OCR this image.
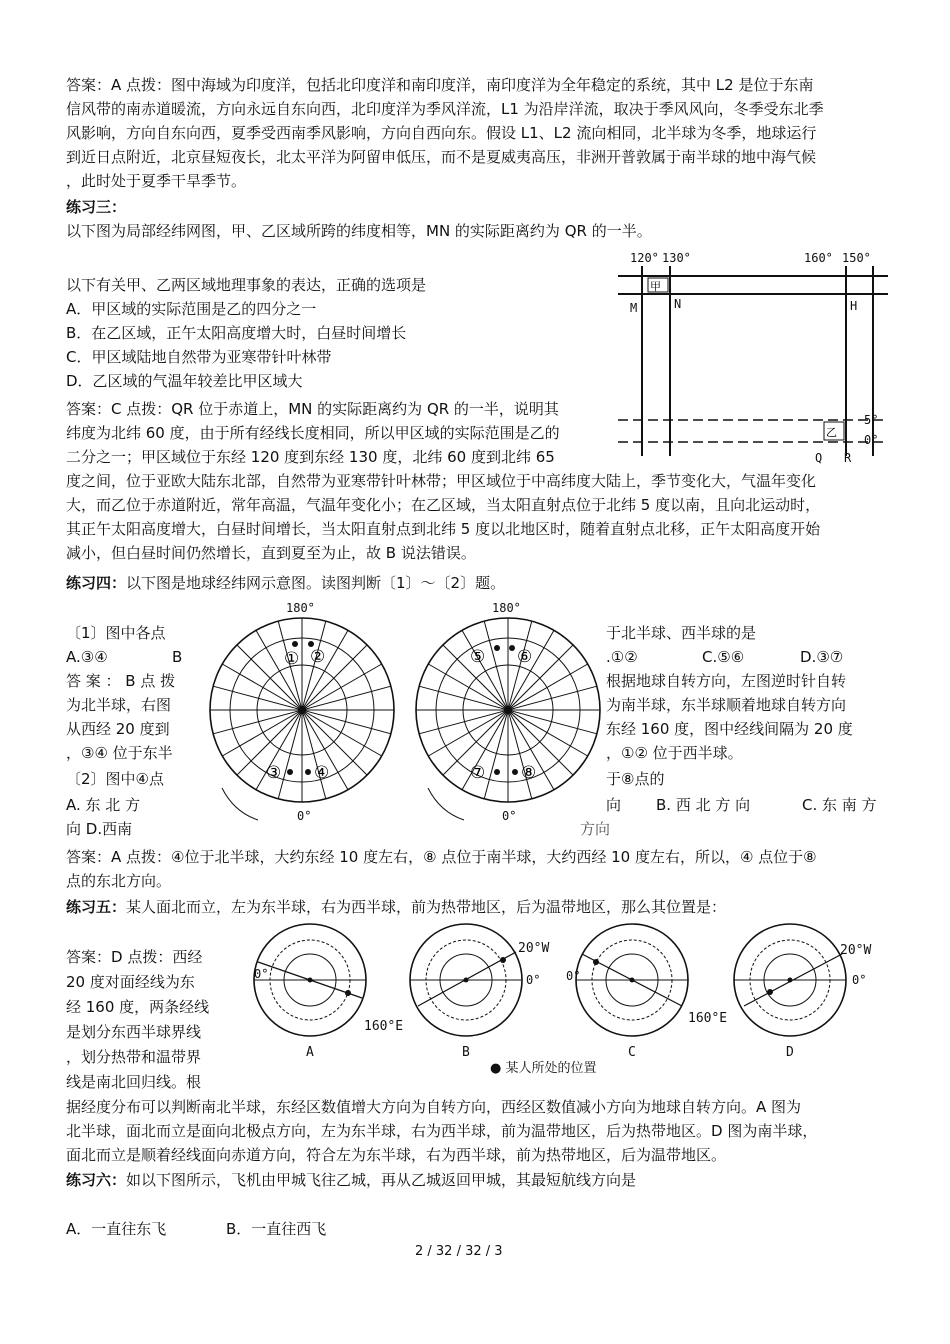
答案：A 点拨：图中海域为印度洋，包括北印度洋和南印度洋，南印度洋为全年稳定的系统，其中 L2 是位于东南
信风带的南赤道暖流，方向永远自东向西，北印度洋为季风洋流，L1 为沿岸洋流，取决于季风风向，冬季受东北季
风影响，方向自东向西，夏季受西南季风影响，方向自西向东。假设 L1、L2 流向相同，北半球为冬季，地球运行
到近日点附近，北京昼短夜长，北太平洋为阿留申低压，而不是夏威夷高压，非洲开普敦属于南半球的地中海气候
，此时处于夏季干旱季节。
练习三：
以下图为局部经纬网图，甲、乙区域所跨的纬度相等，MN 的实际距离约为 QR 的一半。
以下有关甲、乙两区域地理事象的表达，正确的选项是
A．甲区域的实际范围是乙的四分之一
B．在乙区域，正午太阳高度增大时，白昼时间增长
C．甲区域陆地自然带为亚寒带针叶林带
D．乙区域的气温年较差比甲区域大
答案：C 点拨：QR 位于赤道上，MN 的实际距离约为 QR 的一半，说明其
纬度为北纬 60 度，由于所有经线长度相同，所以甲区域的实际范围是乙的
二分之一；甲区域位于东经 120 度到东经 130 度，北纬 60 度到北纬 65
度之间，位于亚欧大陆东北部，自然带为亚寒带针叶林带；甲区域位于中高纬度大陆上，季节变化大，气温年变化
大，而乙位于赤道附近，常年高温，气温年变化小；在乙区域，当太阳直射点位于北纬 5 度以南，且向北运动时，
其正午太阳高度增大，白昼时间增长，当太阳直射点到北纬 5 度以北地区时，随着直射点北移，正午太阳高度开始
减小，但白昼时间仍然增长，直到夏至为止，故 B 说法错误。
120° 130°	160° 150°
甲
乙
M	N	H
Q R
5°
0°
练习四：以下图是地球经纬网示意图。读图判断〔1〕～〔2〕题。
〔1〕图中各点
A.③④	B
答 案 ： B 点 拨
为北半球，右图
从西经 20 度到
，③④ 位于东半
〔2〕图中④点
A. 东 北 方
向 D.西南
于北半球、西半球的是
.①②	C.⑤⑥	D.③⑦
根据地球自转方向，左图逆时针自转
为南半球，东半球顺着地球自转方向
东经 160 度，图中经线间隔为 20 度
，①② 位于西半球。
于⑧点的
向 B. 西 北 方 向	C. 东 南 方
方向
180°
0°
① ②
③ ④
180°
0°
⑤ ⑥
⑦ ⑧
答案：A 点拨：④位于北半球，大约东经 10 度左右，⑧ 点位于南半球，大约西经 10 度左右，所以，④ 点位于⑧
点的东北方向。
练习五：某人面北而立，左为东半球，右为西半球，前为热带地区，后为温带地区，那么其位置是：
答案：D 点拨：西经
20 度对面经线为东
经 160 度，两条经线
是划分东西半球界线
，划分热带和温带界
线是南北回归线。根
160°E
0°
A
20°W
0°
B
160°E
0°
C
20°W
0°
D
● 某人所处的位置
据经度分布可以判断南北半球，东经区数值增大方向为自转方向，西经区数值减小方向为地球自转方向。A 图为
北半球，面北而立是面向北极点方向，左为东半球，右为西半球，前为温带地区，后为热带地区。D 图为南半球，
面北而立是顺着经线面向赤道方向，符合左为东半球，右为西半球，前为热带地区，后为温带地区。
练习六：如以下图所示，飞机由甲城飞往乙城，再从乙城返回甲城，其最短航线方向是
A．一直往东飞	B．一直往西飞
2 / 32 / 32 / 3
